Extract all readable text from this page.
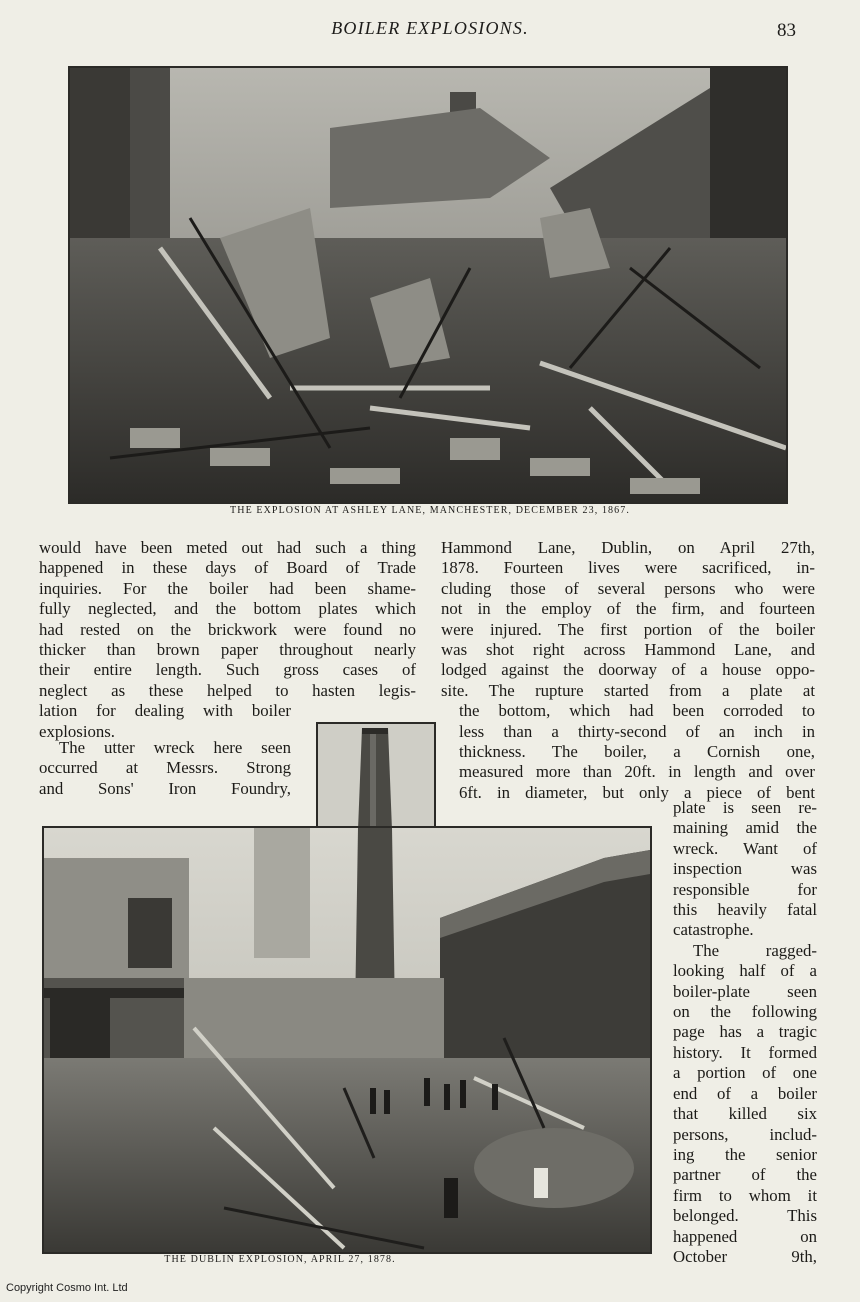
BOILER EXPLOSIONS.	83
THE EXPLOSION AT ASHLEY LANE, MANCHESTER, DECEMBER 23, 1867.
would have been meted out had such a thing
happened in these days of Board of Trade
inquiries. For the boiler had been shame-
fully neglected, and the bottom plates which
had rested on the brickwork were found no
thicker than brown paper throughout nearly
their entire length. Such gross cases of
neglect as these helped to hasten legis-
lation for dealing with boiler
explosions.
The utter wreck here seen
occurred at Messrs. Strong
and Sons' Iron Foundry,
Hammond Lane, Dublin, on April 27th,
1878. Fourteen lives were sacrificed, in-
cluding those of several persons who were
not in the employ of the firm, and fourteen
were injured. The first portion of the boiler
was shot right across Hammond Lane, and
lodged against the doorway of a house oppo-
site. The rupture started from a plate at
the bottom, which had been corroded to
less than a thirty-second of an inch in
thickness. The boiler, a Cornish one,
measured more than 20ft. in length and over
6ft. in diameter, but only a piece of bent
plate is seen re-
maining amid the
wreck. Want of
inspection was
responsible for
this heavily fatal
catastrophe.
The ragged-
looking half of a
boiler-plate seen
on the following
page has a tragic
history. It formed
a portion of one
end of a boiler
that killed six
persons, includ-
ing the senior
partner of the
firm to whom it
belonged. This
happened on
October 9th,
THE DUBLIN EXPLOSION, APRIL 27, 1878.
Copyright Cosmo Int. Ltd
